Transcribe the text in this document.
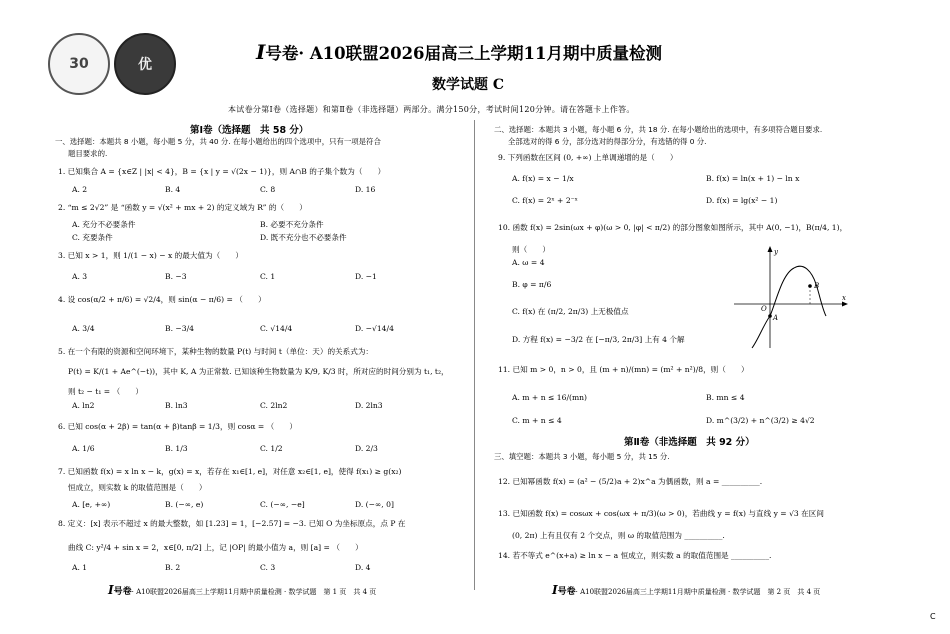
30	优
I号卷· A10联盟2026届高三上学期11月期中质量检测
数学试题 C
本试卷分第Ⅰ卷（选择题）和第Ⅱ卷（非选择题）两部分。满分150分，考试时间120分钟。请在答题卡上作答。
第Ⅰ卷（选择题　共 58 分）
一、选择题：本题共 8 小题，每小题 5 分，共 40 分. 在每小题给出的四个选项中，只有一项是符合
题目要求的.
1. 已知集合 A = {x∈Z | |x| < 4}，B = {x | y = √(2x − 1)}，则 A∩B 的子集个数为（　　）
A. 2	B. 4	C. 8	D. 16
2. “m ≤ 2√2” 是 “函数 y = √(x² + mx + 2) 的定义域为 R” 的（　　）
A. 充分不必要条件	B. 必要不充分条件
C. 充要条件	D. 既不充分也不必要条件
3. 已知 x > 1，则 1/(1 − x) − x 的最大值为（　　）
A. 3	B. −3	C. 1	D. −1
4. 设 cos(α/2 + π/6) = √2/4，则 sin(α − π/6) = （　　）
A. 3/4	B. −3/4	C. √14/4	D. −√14/4
5. 在一个有限的资源和空间环境下，某种生物的数量 P(t) 与时间 t（单位：天）的关系式为：
P(t) = K/(1 + Ae^(−t))，其中 K, A 为正常数. 已知该种生物数量为 K/9, K/3 时，所对应的时间分别为 t₁, t₂，
则 t₂ − t₁ = （　　）
A. ln2	B. ln3	C. 2ln2	D. 2ln3
6. 已知 cos(α + 2β) = tan(α + β)tanβ = 1/3，则 cosα = （　　）
A. 1/6	B. 1/3	C. 1/2	D. 2/3
7. 已知函数 f(x) = x ln x − k，g(x) = x，若存在 x₁∈[1, e]，对任意 x₂∈[1, e]，使得 f(x₁) ≥ g(x₂)
恒成立，则实数 k 的取值范围是（　　）
A. [e, +∞)	B. (−∞, e)	C. (−∞, −e]	D. (−∞, 0]
8. 定义：[x] 表示不超过 x 的最大整数，如 [1.23] = 1，[−2.57] = −3. 已知 O 为坐标原点，点 P 在
曲线 C: y²/4 + sin x = 2，x∈[0, π/2] 上，记 |OP| 的最小值为 a，则 [a] = （　　）
A. 1	B. 2	C. 3	D. 4
I号卷· A10联盟2026届高三上学期11月期中质量检测 · 数学试题　第 1 页　共 4 页
二、选择题：本题共 3 小题，每小题 6 分，共 18 分. 在每小题给出的选项中，有多项符合题目要求.
全部选对的得 6 分，部分选对的得部分分，有选错的得 0 分.
9. 下列函数在区间 (0, +∞) 上单调递增的是（　　）
A. f(x) = x − 1/x	B. f(x) = ln(x + 1) − ln x
C. f(x) = 2ˣ + 2⁻ˣ	D. f(x) = lg(x² − 1)
10. 函数 f(x) = 2sin(ωx + φ)(ω > 0, |φ| < π/2) 的部分图象如图所示，其中 A(0, −1)，B(π/4, 1)，
则（　　）
A. ω = 4
B. φ = π/6
C. f(x) 在 (π/2, 2π/3) 上无极值点
D. 方程 f(x) = −3/2 在 [−π/3, 2π/3] 上有 4 个解
y
x
O
A
B
11. 已知 m > 0，n > 0，且 (m + n)/(mn) = (m² + n²)/8，则（　　）
A. m + n ≤ 16/(mn)	B. mn ≤ 4
C. m + n ≤ 4	D. m^(3/2) + n^(3/2) ≥ 4√2
第Ⅱ卷（非选择题　共 92 分）
三、填空题：本题共 3 小题，每小题 5 分，共 15 分.
12. 已知幂函数 f(x) = (a² − (5/2)a + 2)x^a 为偶函数，则 a = __________.
13. 已知函数 f(x) = cosωx + cos(ωx + π/3)(ω > 0)，若曲线 y = f(x) 与直线 y = √3 在区间
(0, 2π) 上有且仅有 2 个交点，则 ω 的取值范围为 __________.
14. 若不等式 e^(x+a) ≥ ln x − a 恒成立，则实数 a 的取值范围是 __________.
I号卷· A10联盟2026届高三上学期11月期中质量检测 · 数学试题　第 2 页　共 4 页
C
